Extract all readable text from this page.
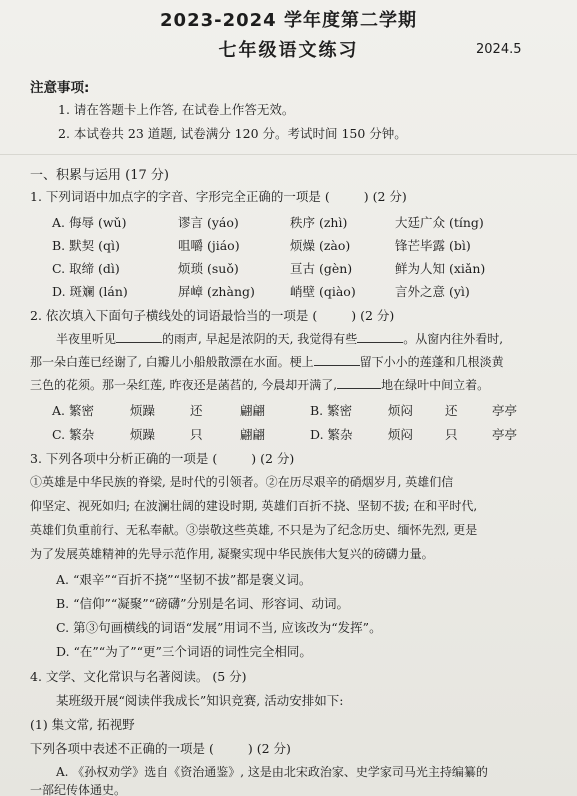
2023-2024 学年度第二学期
七年级语文练习	2024.5
注意事项:
1. 请在答题卡上作答, 在试卷上作答无效。
2. 本试卷共 23 道题, 试卷满分 120 分。考试时间 150 分钟。
一、积累与运用 (17 分)
1. 下列词语中加点字的字音、字形完全正确的一项是 (	) (2 分)
A. 侮辱 (wǔ)	谬言 (yáo)	秩序 (zhì)	大廷广众 (tíng)
B. 默契 (qì)	咀嚼 (jiáo)	烦燥 (zào)	锋芒毕露 (bì)
C. 取缔 (dì)	烦琐 (suǒ)	亘古 (gèn)	鲜为人知 (xiǎn)
D. 斑斓 (lán)	屏嶂 (zhàng)	峭壁 (qiào)	言外之意 (yì)
2. 依次填入下面句子横线处的词语最恰当的一项是 (	) (2 分)
半夜里听见	的雨声, 早起是浓阴的天, 我觉得有些	。从窗内往外看时,
那一朵白莲已经谢了, 白瓣儿小船般散漂在水面。梗上	留下小小的莲蓬和几根淡黄
三色的花须。那一朵红莲, 昨夜还是菡萏的, 今晨却开满了,	地在绿叶中间立着。
A. 繁密	烦躁	还	翩翩	B. 繁密	烦闷	还	亭亭
C. 繁杂	烦躁	只	翩翩	D. 繁杂	烦闷	只	亭亭
3. 下列各项中分析正确的一项是 (	) (2 分)
①英雄是中华民族的脊梁, 是时代的引领者。②在历尽艰辛的硝烟岁月, 英雄们信
仰坚定、视死如归; 在波澜壮阔的建设时期, 英雄们百折不挠、坚韧不拔; 在和平时代,
英雄们负重前行、无私奉献。③崇敬这些英雄, 不只是为了纪念历史、缅怀先烈, 更是
为了发展英雄精神的先导示范作用, 凝聚实现中华民族伟大复兴的磅礴力量。
A. “艰辛”“百折不挠”“坚韧不拔”都是褒义词。
B. “信仰”“凝聚”“磅礴”分别是名词、形容词、动词。
C. 第③句画横线的词语“发展”用词不当, 应该改为“发挥”。
D. “在”“为了”“更”三个词语的词性完全相同。
4. 文学、文化常识与名著阅读。 (5 分)
某班级开展“阅读伴我成长”知识竞赛, 活动安排如下:
(1) 集文常, 拓视野
下列各项中表述不正确的一项是 (	) (2 分)
A. 《孙权劝学》选自《资治通鉴》, 这是由北宋政治家、史学家司马光主持编纂的
一部纪传体通史。
